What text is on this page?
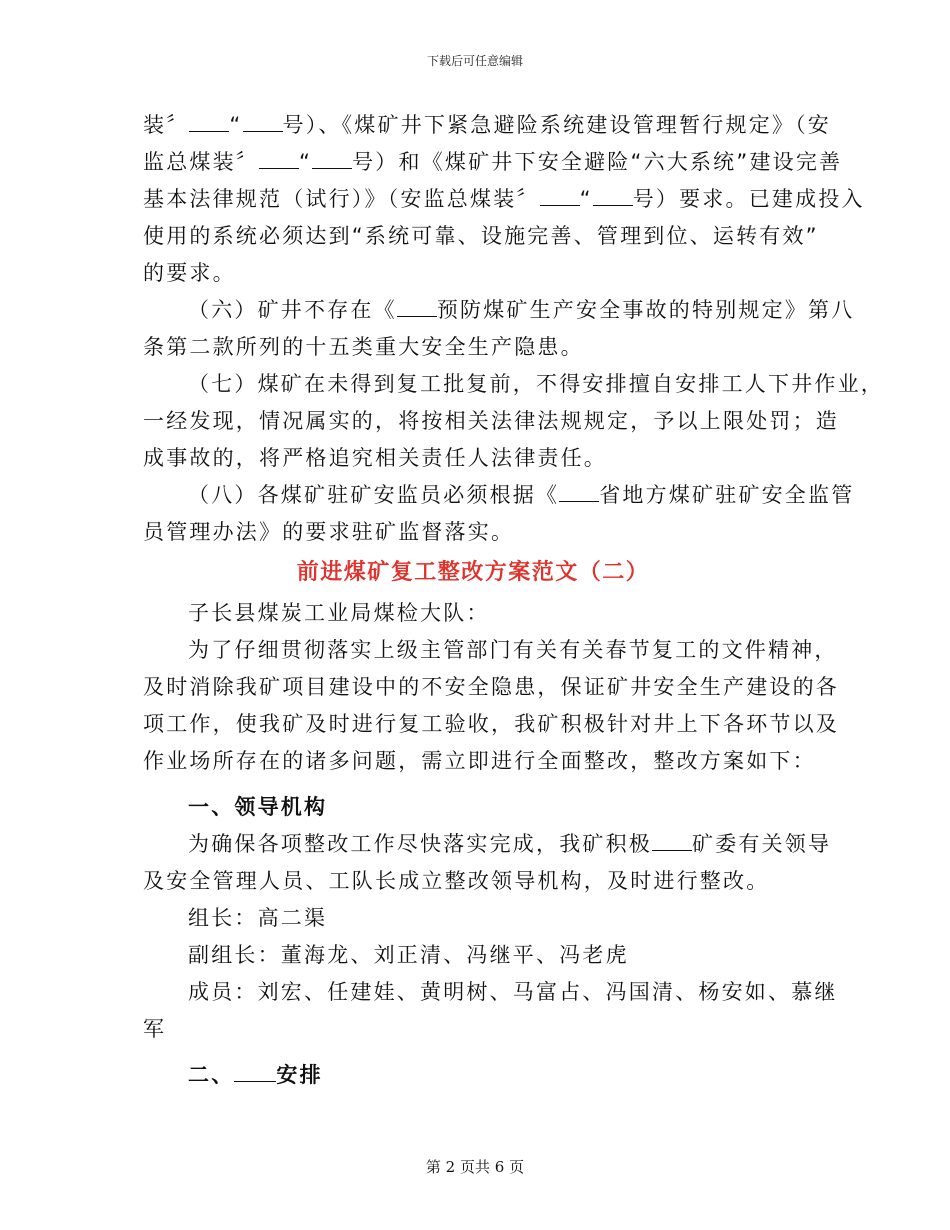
下载后可任意编辑
装〞 “ 号）、《煤矿井下紧急避险系统建设管理暂行规定》（安
监总煤装〞 “ 号）和《煤矿井下安全避险“六大系统”建设完善
基本法律规范（试行）》（安监总煤装〞 “ 号）要求。已建成投入
使用的系统必须达到“系统可靠、设施完善、管理到位、运转有效”
的要求。
（六）矿井不存在《 预防煤矿生产安全事故的特别规定》第八
条第二款所列的十五类重大安全生产隐患。
（七）煤矿在未得到复工批复前，不得安排擅自安排工人下井作业，
一经发现，情况属实的，将按相关法律法规规定，予以上限处罚；造
成事故的，将严格追究相关责任人法律责任。
（八）各煤矿驻矿安监员必须根据《 省地方煤矿驻矿安全监管
员管理办法》的要求驻矿监督落实。
前进煤矿复工整改方案范文（二）
子长县煤炭工业局煤检大队：
为了仔细贯彻落实上级主管部门有关有关春节复工的文件精神，
及时消除我矿项目建设中的不安全隐患，保证矿井安全生产建设的各
项工作，使我矿及时进行复工验收，我矿积极针对井上下各环节以及
作业场所存在的诸多问题，需立即进行全面整改，整改方案如下：
一、领导机构
为确保各项整改工作尽快落实完成，我矿积极 矿委有关领导
及安全管理人员、工队长成立整改领导机构，及时进行整改。
组长：高二渠
副组长：董海龙、刘正清、冯继平、冯老虎
成员：刘宏、任建娃、黄明树、马富占、冯国清、杨安如、慕继
军
二、 安排
第 2 页共 6 页
